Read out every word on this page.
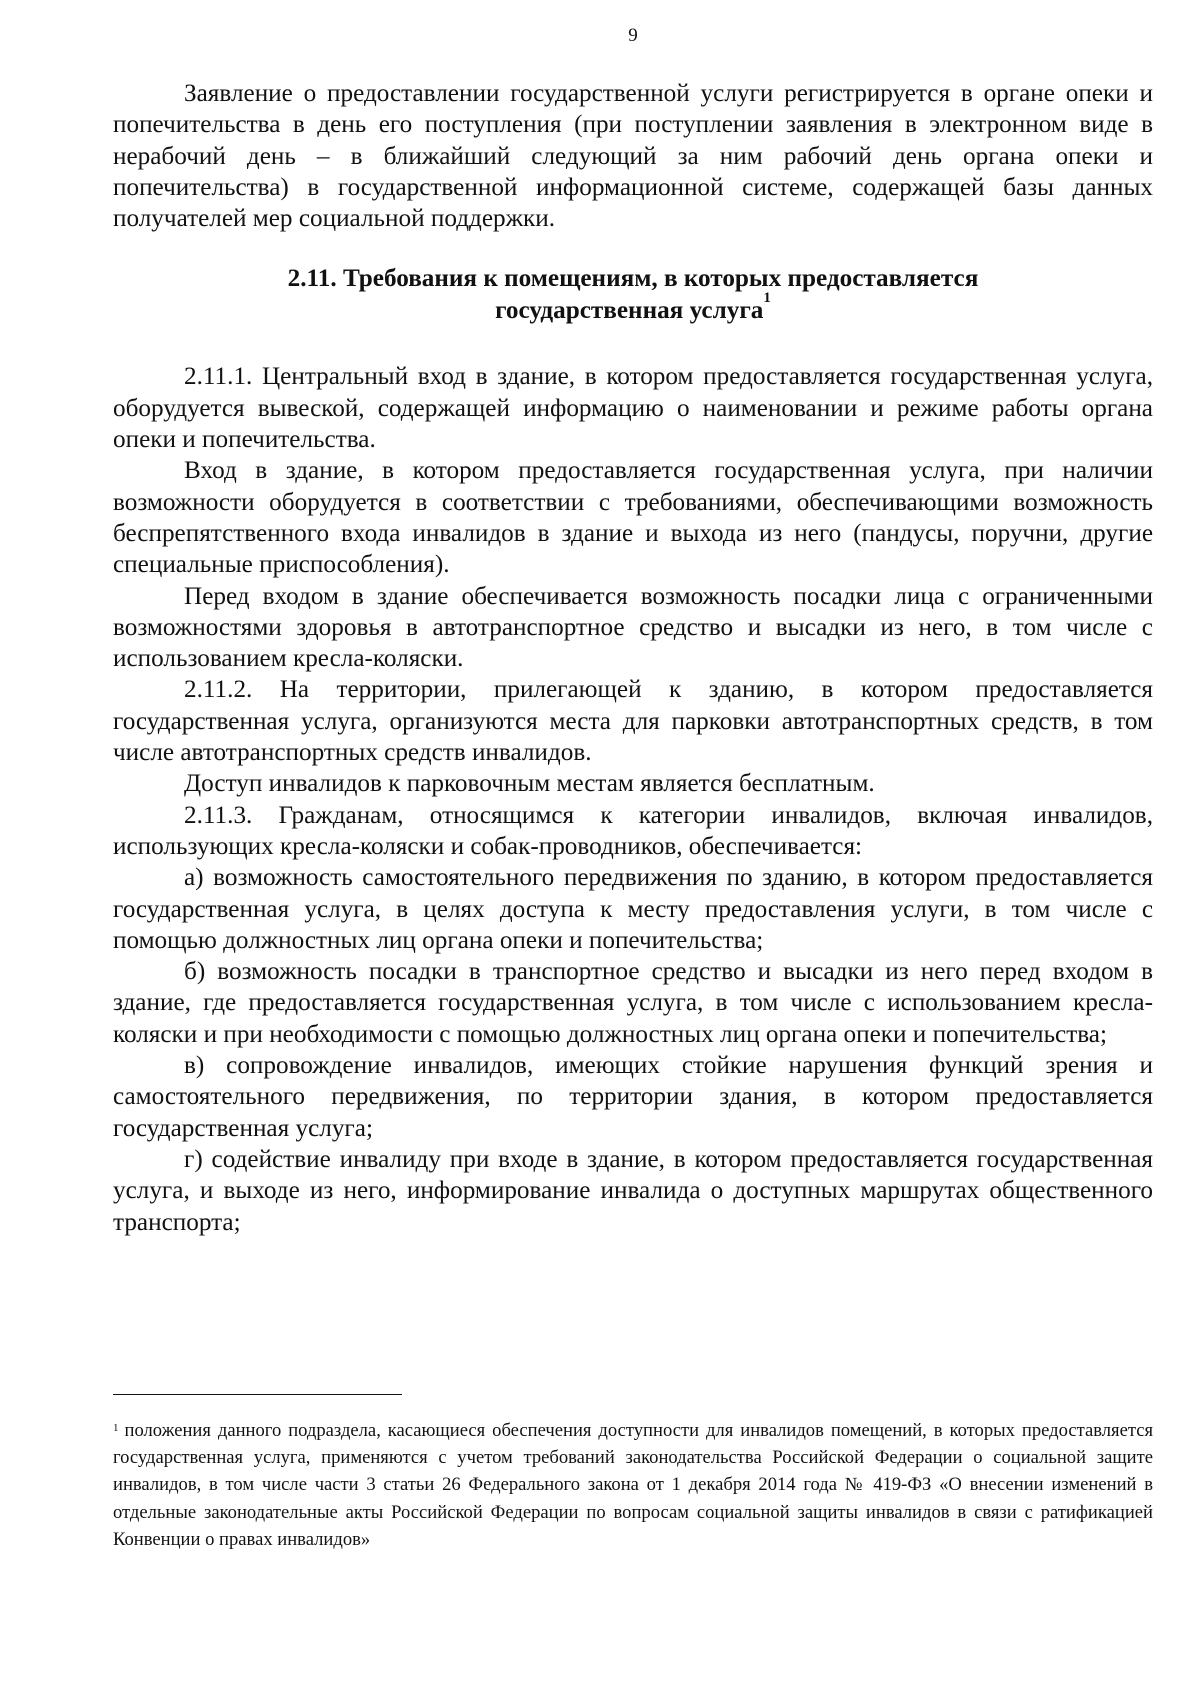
9

Заявление о предоставлении государственной услуги регистрируется в органе опеки и попечительства в день его поступления (при поступлении заявления в электронном виде в нерабочий день – в ближайший следующий за ним рабочий день органа опеки и попечительства) в государственной информационной системе, содержащей базы данных получателей мер социальной поддержки.

2.11. Требования к помещениям, в которых предоставляется
государственная услуга$^1$

2.11.1. Центральный вход в здание, в котором предоставляется государственная услуга, оборудуется вывеской, содержащей информацию о наименовании и режиме работы органа опеки и попечительства.

Вход в здание, в котором предоставляется государственная услуга, при наличии возможности оборудуется в соответствии с требованиями, обеспечивающими возможность беспрепятственного входа инвалидов в здание и выхода из него (пандусы, поручни, другие специальные приспособления).

Перед входом в здание обеспечивается возможность посадки лица с ограниченными возможностями здоровья в автотранспортное средство и высадки из него, в том числе с использованием кресла-коляски.

2.11.2. На территории, прилегающей к зданию, в котором предоставляется государственная услуга, организуются места для парковки автотранспортных средств, в том числе автотранспортных средств инвалидов.

Доступ инвалидов к парковочным местам является бесплатным.

2.11.3. Гражданам, относящимся к категории инвалидов, включая инвалидов, использующих кресла-коляски и собак-проводников, обеспечивается:

а) возможность самостоятельного передвижения по зданию, в котором предоставляется государственная услуга, в целях доступа к месту предоставления услуги, в том числе с помощью должностных лиц органа опеки и попечительства;

б) возможность посадки в транспортное средство и высадки из него перед входом в здание, где предоставляется государственная услуга, в том числе с использованием кресла-коляски и при необходимости с помощью должностных лиц органа опеки и попечительства;

в) сопровождение инвалидов, имеющих стойкие нарушения функций зрения и самостоятельного передвижения, по территории здания, в котором предоставляется государственная услуга;

г) содействие инвалиду при входе в здание, в котором предоставляется государственная услуга, и выходе из него, информирование инвалида о доступных маршрутах общественного транспорта;

$^1$ положения данного подраздела, касающиеся обеспечения доступности для инвалидов помещений, в которых предоставляется государственная услуга, применяются с учетом требований законодательства Российской Федерации о социальной защите инвалидов, в том числе части 3 статьи 26 Федерального закона от 1 декабря 2014 года № 419-ФЗ «О внесении изменений в отдельные законодательные акты Российской Федерации по вопросам социальной защиты инвалидов в связи с ратификацией Конвенции о правах инвалидов»
